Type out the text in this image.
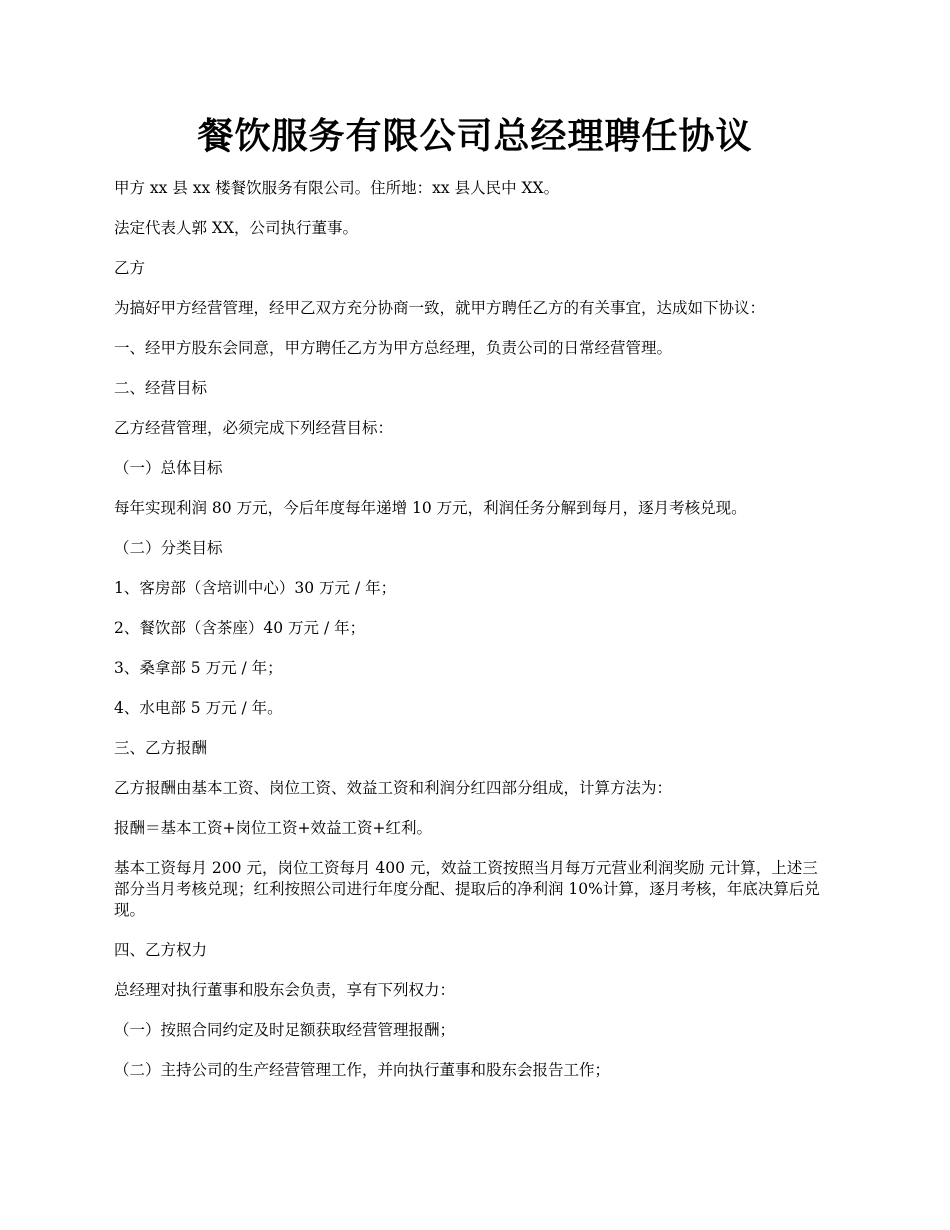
餐饮服务有限公司总经理聘任协议

甲方 xx 县 xx 楼餐饮服务有限公司。住所地：xx 县人民中 XX。

法定代表人郭 XX，公司执行董事。

乙方

为搞好甲方经营管理，经甲乙双方充分协商一致，就甲方聘任乙方的有关事宜，达成如下协议：

一、经甲方股东会同意，甲方聘任乙方为甲方总经理，负责公司的日常经营管理。

二、经营目标

乙方经营管理，必须完成下列经营目标：

（一）总体目标

每年实现利润 80 万元，今后年度每年递增 10 万元，利润任务分解到每月，逐月考核兑现。

（二）分类目标

1、客房部（含培训中心）30 万元 / 年；

2、餐饮部（含茶座）40 万元 / 年；

3、桑拿部 5 万元 / 年；

4、水电部 5 万元 / 年。

三、乙方报酬

乙方报酬由基本工资、岗位工资、效益工资和利润分红四部分组成，计算方法为：

报酬＝基本工资+岗位工资+效益工资+红利。

基本工资每月 200 元，岗位工资每月 400 元，效益工资按照当月每万元营业利润奖励 元计算，上述三部分当月考核兑现；红利按照公司进行年度分配、提取后的净利润 10%计算，逐月考核，年底决算后兑现。

四、乙方权力

总经理对执行董事和股东会负责，享有下列权力：

（一）按照合同约定及时足额获取经营管理报酬；

（二）主持公司的生产经营管理工作，并向执行董事和股东会报告工作；
